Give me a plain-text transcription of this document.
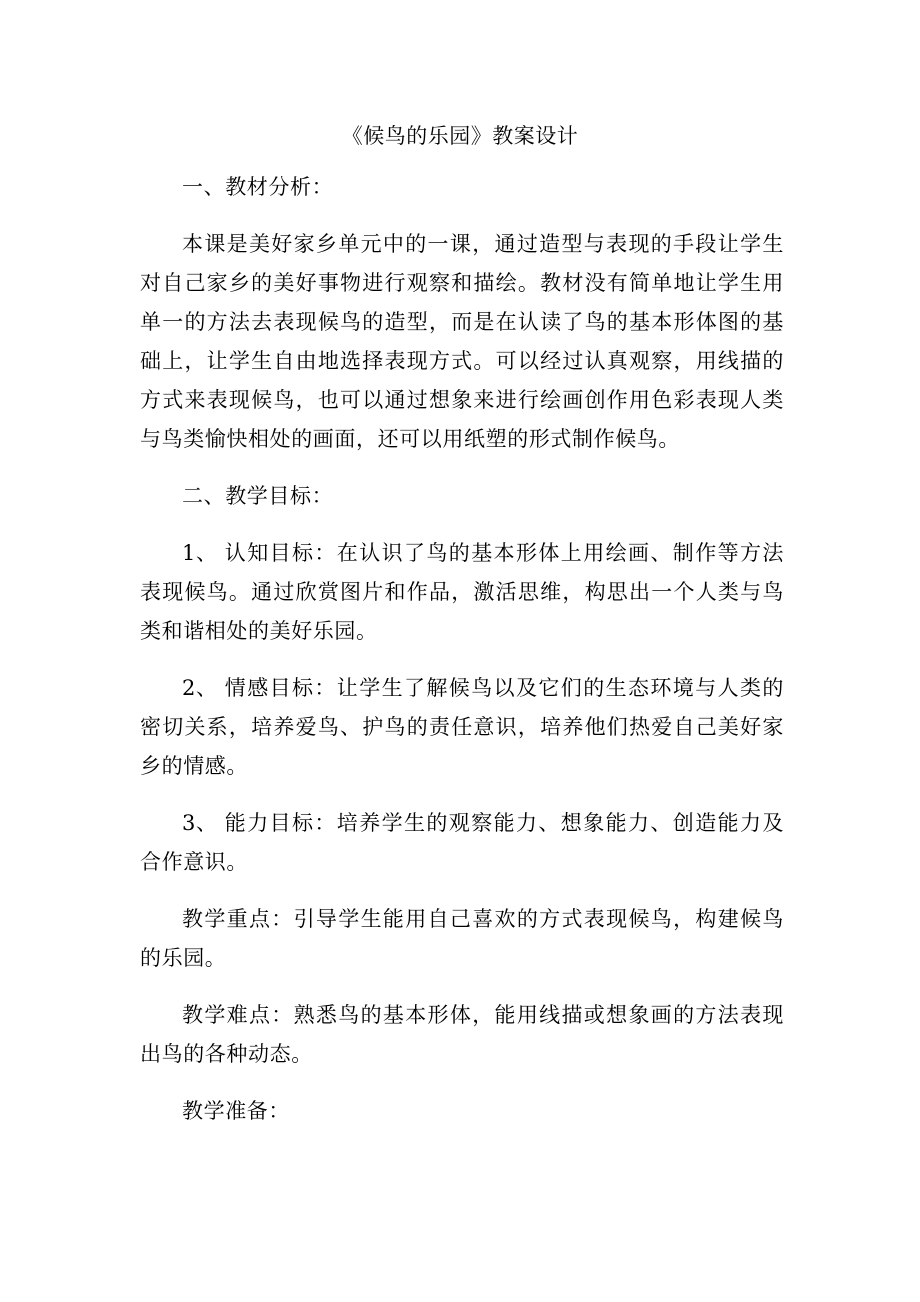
《候鸟的乐园》教案设计

一、教材分析：

本课是美好家乡单元中的一课，通过造型与表现的手段让学生对自己家乡的美好事物进行观察和描绘。教材没有简单地让学生用单一的方法去表现候鸟的造型，而是在认读了鸟的基本形体图的基础上，让学生自由地选择表现方式。可以经过认真观察，用线描的方式来表现候鸟，也可以通过想象来进行绘画创作用色彩表现人类与鸟类愉快相处的画面，还可以用纸塑的形式制作候鸟。

二、教学目标：

1、 认知目标：在认识了鸟的基本形体上用绘画、制作等方法表现候鸟。通过欣赏图片和作品，激活思维，构思出一个人类与鸟类和谐相处的美好乐园。

2、 情感目标：让学生了解候鸟以及它们的生态环境与人类的密切关系，培养爱鸟、护鸟的责任意识，培养他们热爱自己美好家乡的情感。

3、 能力目标：培养学生的观察能力、想象能力、创造能力及合作意识。

教学重点：引导学生能用自己喜欢的方式表现候鸟，构建候鸟的乐园。

教学难点：熟悉鸟的基本形体，能用线描或想象画的方法表现出鸟的各种动态。

教学准备：
